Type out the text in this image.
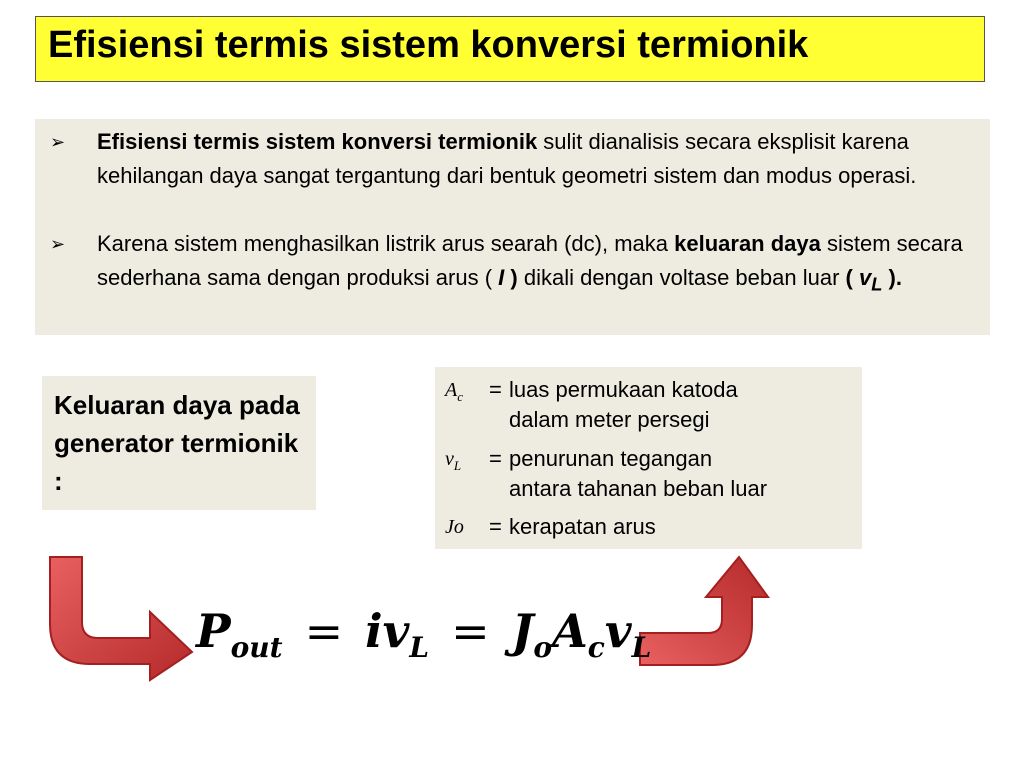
Efisiensi termis sistem konversi termionik
➢ Efisiensi termis sistem konversi termionik sulit dianalisis secara eksplisit karena kehilangan daya sangat tergantung dari bentuk geometri sistem dan modus operasi.
➢ Karena sistem menghasilkan listrik arus searah (dc), maka keluaran daya sistem secara sederhana sama dengan produksi arus ( I ) dikali dengan voltase beban luar ( $v_L$ ).
Keluaran daya pada generator termionik :
$A_c$ = luas permukaan katoda
dalam meter persegi
$v_L$ = penurunan tegangan
antara tahanan beban luar
Jo = kerapatan arus
$P_{out} = iv_L = J_oA_cv_L$
